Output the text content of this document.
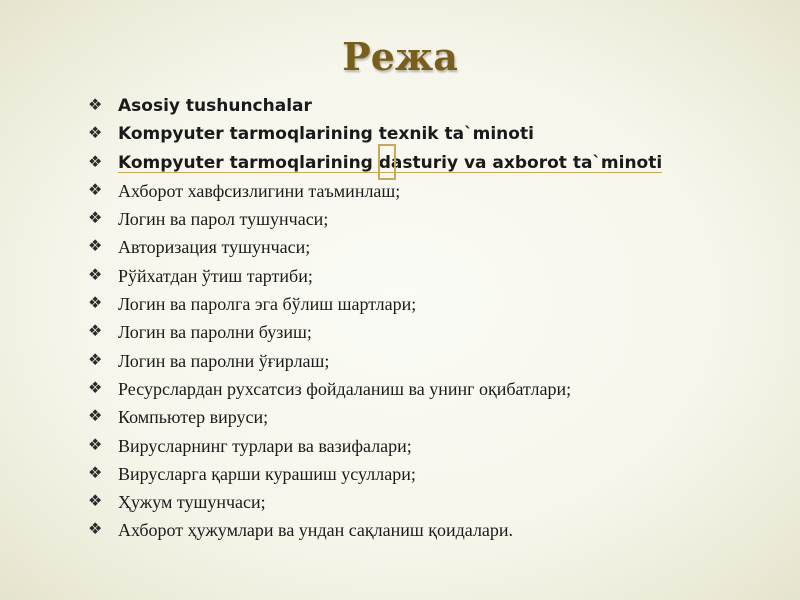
Режа
❖ Asosiy tushunchalar
❖ Kompyuter tarmoqlarining texnik ta`minoti
❖ Kompyuter tarmoqlarining dasturiy va axborot ta`minoti
❖ Ахборот хавфсизлигини таъминлаш;
❖ Логин ва парол тушунчаси;
❖ Авторизация тушунчаси;
❖ Рўйхатдан ўтиш тартиби;
❖ Логин ва паролга эга бўлиш шартлари;
❖ Логин ва паролни бузиш;
❖ Логин ва паролни ўғирлаш;
❖ Ресурслардан рухсатсиз фойдаланиш ва унинг оқибатлари;
❖ Компьютер вируси;
❖ Вирусларнинг турлари ва вазифалари;
❖ Вирусларга қарши курашиш усуллари;
❖ Ҳужум тушунчаси;
❖ Ахборот ҳужумлари ва ундан сақланиш қоидалари.
